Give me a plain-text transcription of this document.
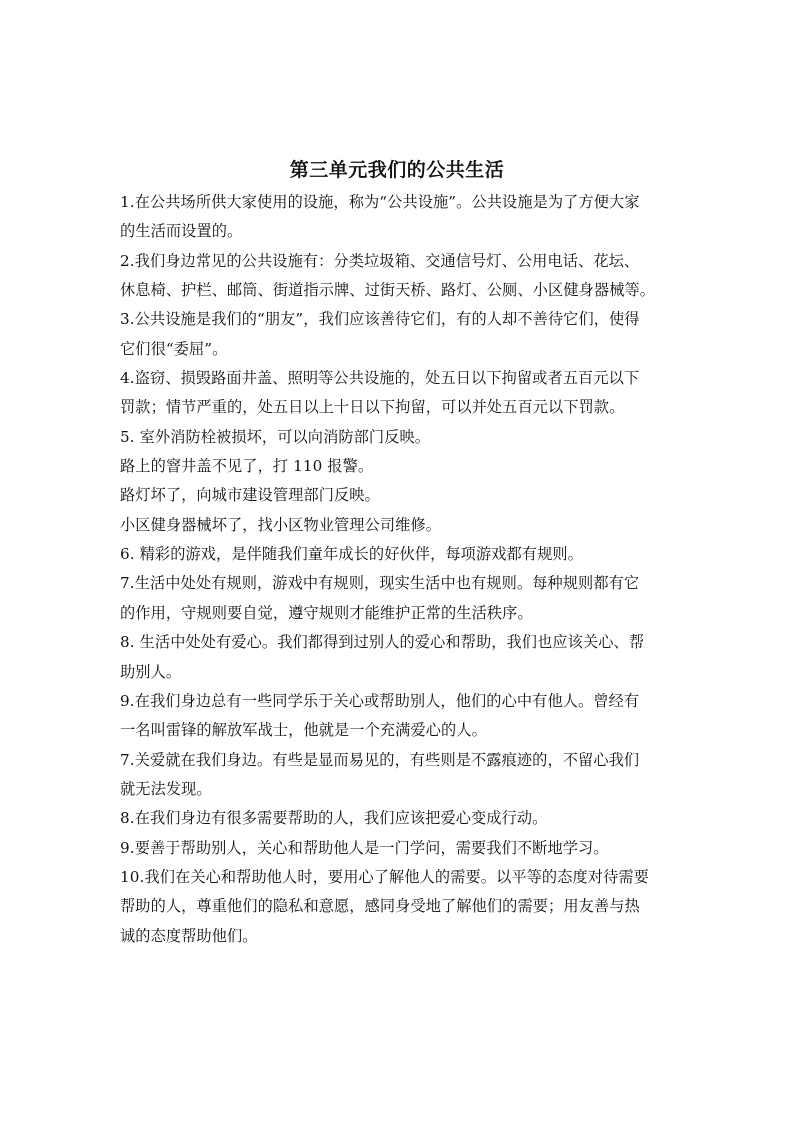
第三单元我们的公共生活
1.在公共场所供大家使用的设施，称为“公共设施”。公共设施是为了方便大家
的生活而设置的。
2.我们身边常见的公共设施有：分类垃圾箱、交通信号灯、公用电话、花坛、
休息椅、护栏、邮筒、街道指示牌、过街天桥、路灯、公厕、小区健身器械等。
3.公共设施是我们的“朋友”，我们应该善待它们，有的人却不善待它们，使得
它们很“委屈”。
4.盗窃、损毁路面井盖、照明等公共设施的，处五日以下拘留或者五百元以下
罚款；情节严重的，处五日以上十日以下拘留，可以并处五百元以下罚款。
5. 室外消防栓被损坏，可以向消防部门反映。
路上的窨井盖不见了，打 110 报警。
路灯坏了，向城市建设管理部门反映。
小区健身器械坏了，找小区物业管理公司维修。
6. 精彩的游戏，是伴随我们童年成长的好伙伴，每项游戏都有规则。
7.生活中处处有规则，游戏中有规则，现实生活中也有规则。每种规则都有它
的作用，守规则要自觉，遵守规则才能维护正常的生活秩序。
8. 生活中处处有爱心。我们都得到过别人的爱心和帮助，我们也应该关心、帮
助别人。
9.在我们身边总有一些同学乐于关心或帮助别人，他们的心中有他人。曾经有
一名叫雷锋的解放军战士，他就是一个充满爱心的人。
7.关爱就在我们身边。有些是显而易见的，有些则是不露痕迹的，不留心我们
就无法发现。
8.在我们身边有很多需要帮助的人，我们应该把爱心变成行动。
9.要善于帮助别人，关心和帮助他人是一门学问，需要我们不断地学习。
10.我们在关心和帮助他人时，要用心了解他人的需要。以平等的态度对待需要
帮助的人，尊重他们的隐私和意愿，感同身受地了解他们的需要；用友善与热
诚的态度帮助他们。
